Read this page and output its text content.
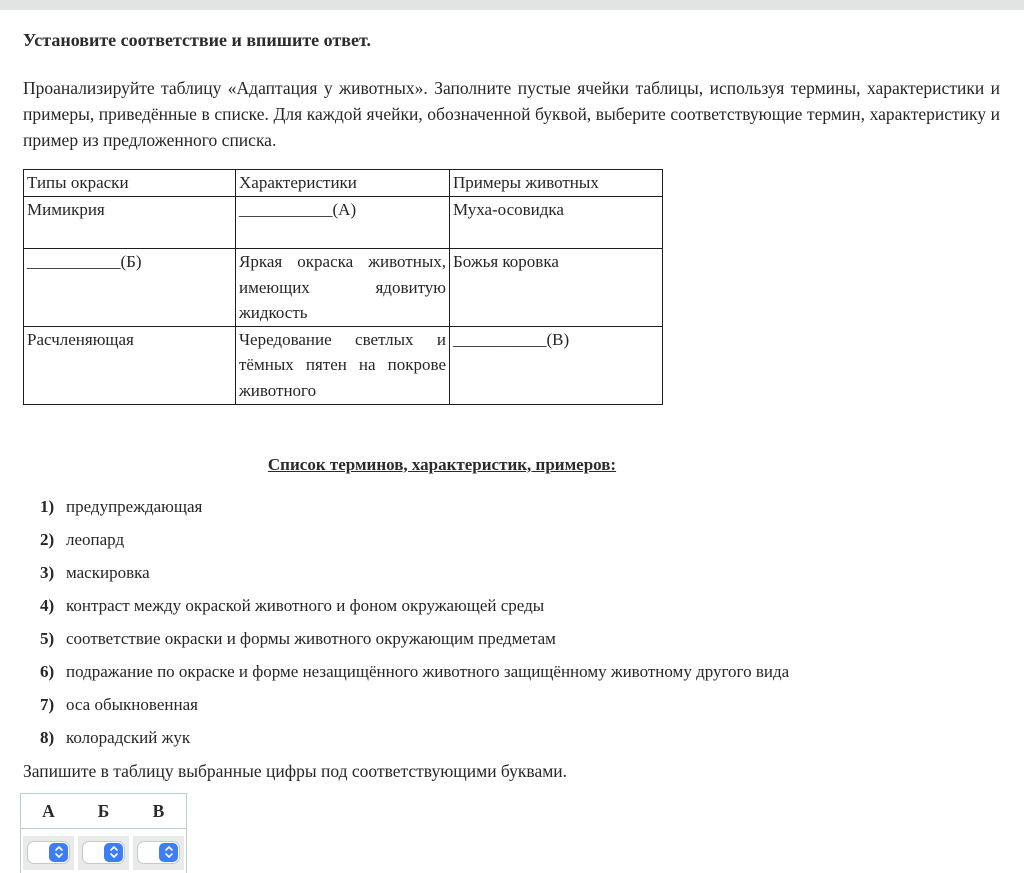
Установите соответствие и впишите ответ.

Проанализируйте таблицу «Адаптация у животных». Заполните пустые ячейки таблицы, используя термины, характеристики и примеры, приведённые в списке. Для каждой ячейки, обозначенной буквой, выберите соответствующие термин, характеристику и пример из предложенного списка.

Типы окраски	Характеристики	Примеры животных
Мимикрия	___________(А)	Муха-осовидка
___________(Б)	Яркая окраска животных, имеющих ядовитую жидкость	Божья коровка
Расчленяющая	Чередование светлых и тёмных пятен на покрове животного	___________(В)
Список терминов, характеристик, примеров:
1) предупреждающая
2) леопард
3) маскировка
4) контраст между окраской животного и фоном окружающей среды
5) соответствие окраски и формы животного окружающим предметам
6) подражание по окраске и форме незащищённого животного защищённому животному другого вида
7) оса обыкновенная
8) колорадский жук

Запишите в таблицу выбранные цифры под соответствующими буквами.

А	Б	В
